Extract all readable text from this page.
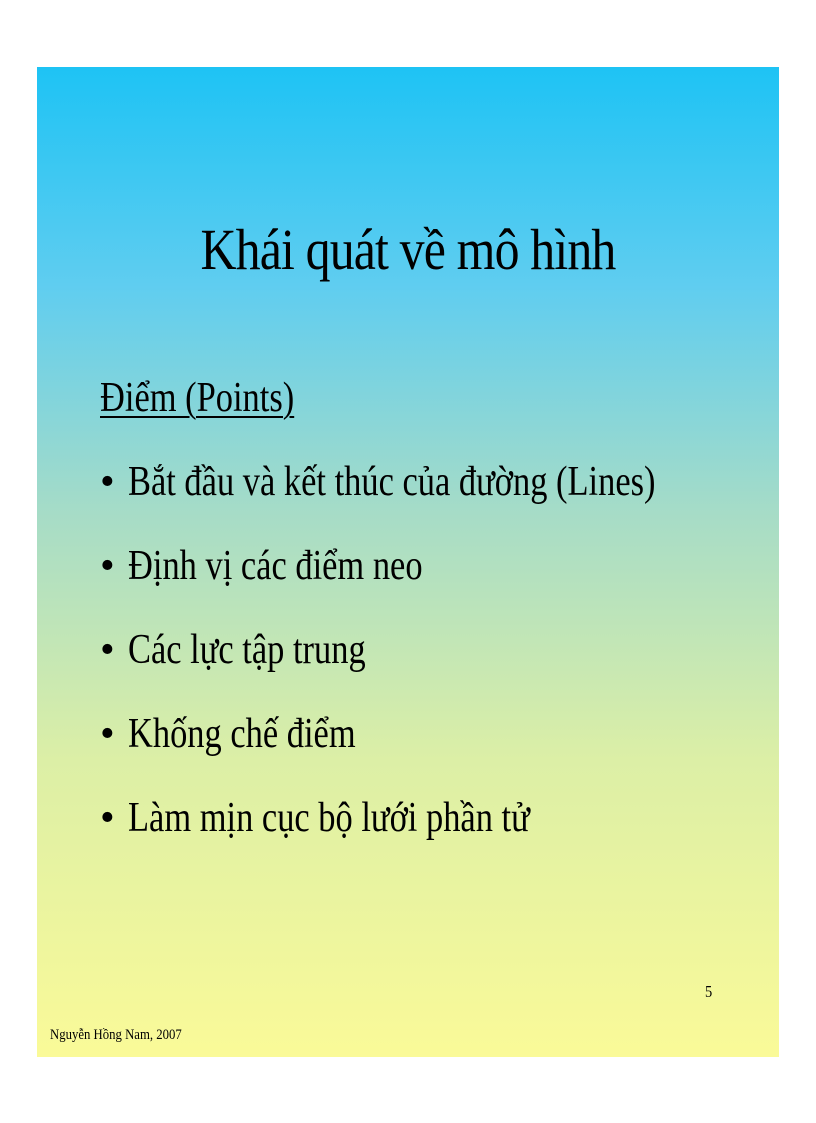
Khái quát về mô hình
Điểm (Points)
• Bắt đầu và kết thúc của đường (Lines)
• Định vị các điểm neo
• Các lực tập trung
• Khống chế điểm
• Làm mịn cục bộ lưới phần tử
5
Nguyễn Hồng Nam, 2007
